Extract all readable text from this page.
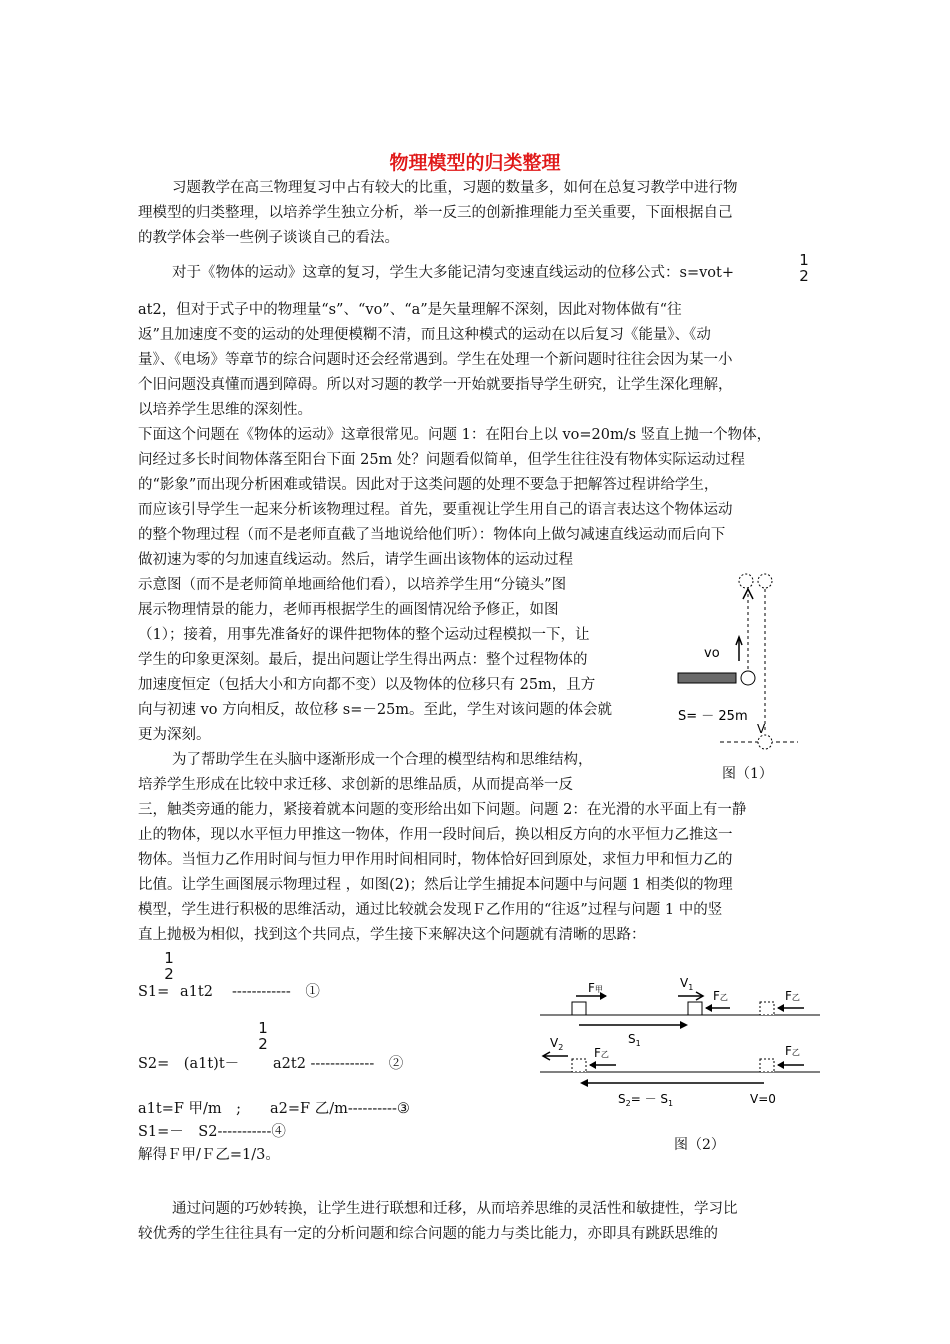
物理模型的归类整理
习题教学在高三物理复习中占有较大的比重，习题的数量多，如何在总复习教学中进行物
理模型的归类整理，以培养学生独立分析，举一反三的创新推理能力至关重要，下面根据自己
的教学体会举一些例子谈谈自己的看法。
对于《物体的运动》这章的复习，学生大多能记清匀变速直线运动的位移公式：s=vot+
1
2
at2，但对于式子中的物理量“s”、“vo”、“a”是矢量理解不深刻，因此对物体做有“往
返”且加速度不变的运动的处理便模糊不清，而且这种模式的运动在以后复习《能量》、《动
量》、《电场》等章节的综合问题时还会经常遇到。学生在处理一个新问题时往往会因为某一小
个旧问题没真懂而遇到障碍。所以对习题的教学一开始就要指导学生研究，让学生深化理解，
以培养学生思维的深刻性。
下面这个问题在《物体的运动》这章很常见。问题 1：在阳台上以 vo=20m/s 竖直上抛一个物体，
问经过多长时间物体落至阳台下面 25m 处？问题看似简单，但学生往往没有物体实际运动过程
的“影象”而出现分析困难或错误。因此对于这类问题的处理不要急于把解答过程讲给学生，
而应该引导学生一起来分析该物理过程。首先，要重视让学生用自己的语言表达这个物体运动
的整个物理过程（而不是老师直截了当地说给他们听）：物体向上做匀减速直线运动而后向下
做初速为零的匀加速直线运动。然后，请学生画出该物体的运动过程
示意图（而不是老师简单地画给他们看），以培养学生用“分镜头”图
展示物理情景的能力，老师再根据学生的画图情况给予修正，如图
（1）；接着，用事先准备好的课件把物体的整个运动过程模拟一下，让
学生的印象更深刻。最后，提出问题让学生得出两点：整个过程物体的
加速度恒定（包括大小和方向都不变）以及物体的位移只有 25m，且方
向与初速 vo 方向相反，故位移 s=－25m。至此，学生对该问题的体会就
更为深刻。
为了帮助学生在头脑中逐渐形成一个合理的模型结构和思维结构，
培养学生形成在比较中求迁移、求创新的思维品质，从而提高举一反
三，触类旁通的能力，紧接着就本问题的变形给出如下问题。问题 2：在光滑的水平面上有一静
止的物体，现以水平恒力甲推这一物体，作用一段时间后，换以相反方向的水平恒力乙推这一
物体。当恒力乙作用时间与恒力甲作用时间相同时，物体恰好回到原处，求恒力甲和恒力乙的
比值。让学生画图展示物理过程 ，如图(2)；然后让学生捕捉本问题中与问题 1 相类似的物理
模型，学生进行积极的思维活动，通过比较就会发现Ｆ乙作用的“往返”过程与问题 1 中的竖
直上抛极为相似，找到这个共同点，学生接下来解决这个问题就有清晰的思路：
1
2
S1= a1t2　 ------------　①
1
2
S2=　(a1t)t－ a2t2 -------------　②
a1t=F 甲/m　;　　a2=F 乙/m----------③
S1=－　S2-----------④
解得Ｆ甲/Ｆ乙=1/3。
通过问题的巧妙转换，让学生进行联想和迁移，从而培养思维的灵活性和敏捷性，学习比
较优秀的学生往往具有一定的分析问题和综合问题的能力与类比能力，亦即具有跳跃思维的
vo
S= － 25m
V
图（1）
F甲	$V_1$
F乙	F乙
$S_1$
$V_2$	F乙	F乙
$S_2= - S_1$	V=0
图（2）
